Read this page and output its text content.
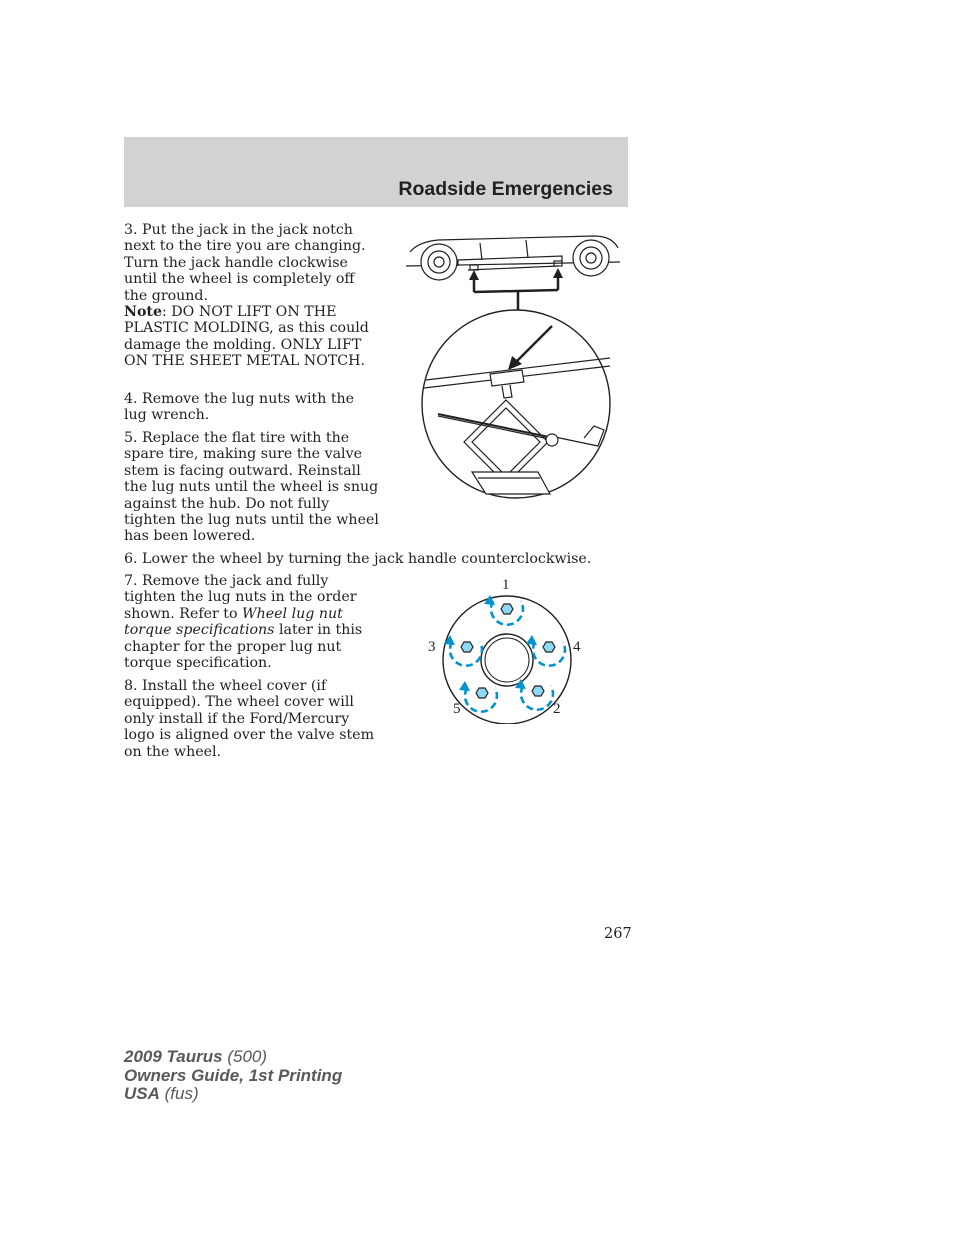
Roadside Emergencies

3. Put the jack in the jack notch next to the tire you are changing. Turn the jack handle clockwise until the wheel is completely off the ground.
Note: DO NOT LIFT ON THE PLASTIC MOLDING, as this could damage the molding. ONLY LIFT ON THE SHEET METAL NOTCH.

4. Remove the lug nuts with the lug wrench.

5. Replace the flat tire with the spare tire, making sure the valve stem is facing outward. Reinstall the lug nuts until the wheel is snug against the hub. Do not fully tighten the lug nuts until the wheel has been lowered.

6. Lower the wheel by turning the jack handle counterclockwise.

7. Remove the jack and fully tighten the lug nuts in the order shown. Refer to Wheel lug nut torque specifications later in this chapter for the proper lug nut torque specification.

8. Install the wheel cover (if equipped). The wheel cover will only install if the Ford/Mercury logo is aligned over the valve stem on the wheel.

1
2
3	4
5

267

2009 Taurus (500)
Owners Guide, 1st Printing
USA (fus)
